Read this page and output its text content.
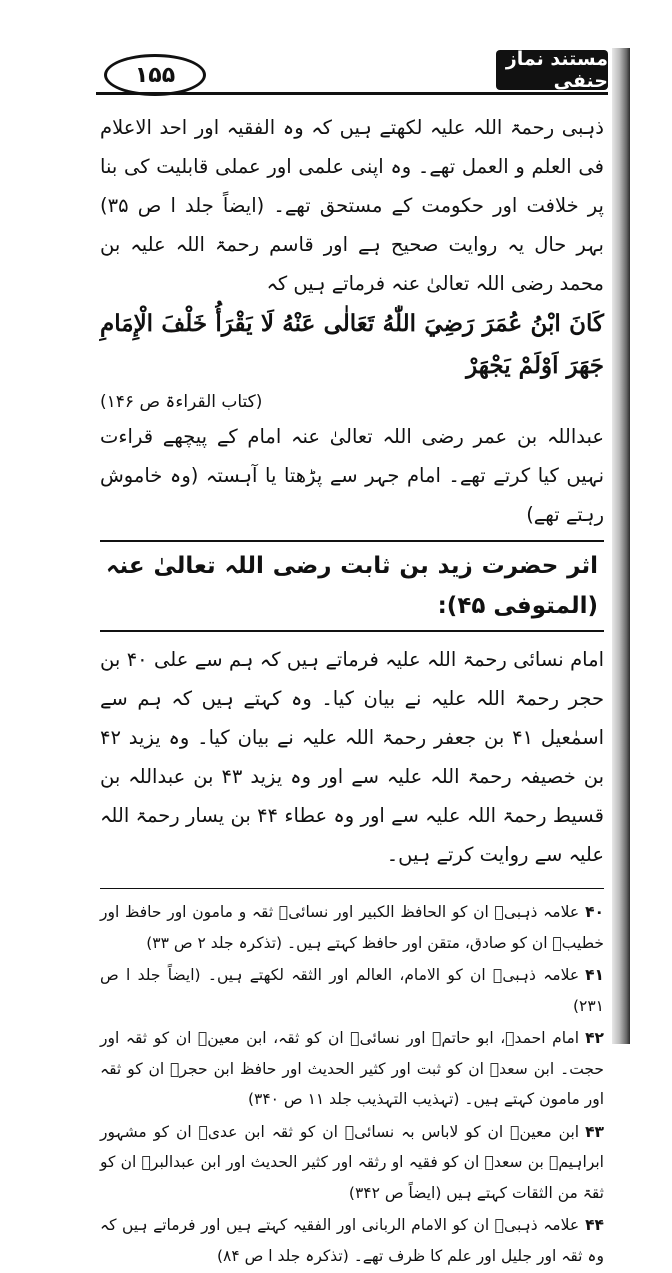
مستند نماز حنفی
۱۵۵

ذہبی رحمۃ اللہ علیہ لکھتے ہیں کہ وہ الفقیہ اور احد الاعلام فی العلم و العمل تھے۔ وہ اپنی علمی اور عملی قابلیت کی بنا پر خلافت اور حکومت کے مستحق تھے۔ (ایضاً جلد ا ص ۳۵) بہر حال یہ روایت صحیح ہے اور قاسم رحمۃ اللہ علیہ بن محمد رضی اللہ تعالیٰ عنہ فرماتے ہیں کہ

كَانَ ابْنُ عُمَرَ رَضِيَ اللّٰهُ تَعَالٰى عَنْهُ لَا يَقْرَأُ خَلْفَ الْإِمَامِ جَهَرَ اَوْلَمْ يَجْهَرْ

(کتاب القراءۃ ص ۱۴۶)

عبداللہ بن عمر رضی اللہ تعالیٰ عنہ امام کے پیچھے قراءت نہیں کیا کرتے تھے۔ امام جہر سے پڑھتا یا آہستہ (وہ خاموش رہتے تھے)

اثر حضرت زید بن ثابت رضی اللہ تعالیٰ عنہ (المتوفی ۴۵):

امام نسائی رحمۃ اللہ علیہ فرماتے ہیں کہ ہم سے علی ۴۰ بن حجر رحمۃ اللہ علیہ نے بیان کیا۔ وہ کہتے ہیں کہ ہم سے اسمٰعیل ۴۱ بن جعفر رحمۃ اللہ علیہ نے بیان کیا۔ وہ یزید ۴۲ بن خصیفہ رحمۃ اللہ علیہ سے اور وہ یزید ۴۳ بن عبداللہ بن قسیط رحمۃ اللہ علیہ سے اور وہ عطاء ۴۴ بن یسار رحمۃ اللہ علیہ سے روایت کرتے ہیں۔

۴۰علامہ ذہبیؒ ان کو الحافظ الکبیر اور نسائیؒ ثقہ و مامون اور حافظ اور خطیبؒ ان کو صادق، متقن اور حافظ کہتے ہیں۔ (تذکرہ جلد ۲ ص ۳۳)

۴۱علامہ ذہبیؒ ان کو الامام، العالم اور الثقہ لکھتے ہیں۔ (ایضاً جلد ا ص ۲۳۱)

۴۲امام احمدؒ، ابو حاتمؒ اور نسائیؒ ان کو ثقہ، ابن معینؒ ان کو ثقہ اور حجت۔ ابن سعدؒ ان کو ثبت اور کثیر الحدیث اور حافظ ابن حجرؒ ان کو ثقہ اور مامون کہتے ہیں۔ (تہذیب التہذیب جلد ۱۱ ص ۳۴۰)

۴۳ابن معینؒ ان کو لاباس بہ نسائیؒ ان کو ثقہ ابن عدیؒ ان کو مشہور ابراہیمؒ بن سعدؒ ان کو فقیہ او رثقہ اور کثیر الحدیث اور ابن عبدالبرؒ ان کو ثقۃ من الثقات کہتے ہیں (ایضاً ص ۳۴۲)

۴۴علامہ ذہبیؒ ان کو الامام الربانی اور الفقیہ کہتے ہیں اور فرماتے ہیں کہ وہ ثقہ اور جلیل اور علم کا ظرف تھے۔ (تذکرہ جلد ا ص ۸۴)
